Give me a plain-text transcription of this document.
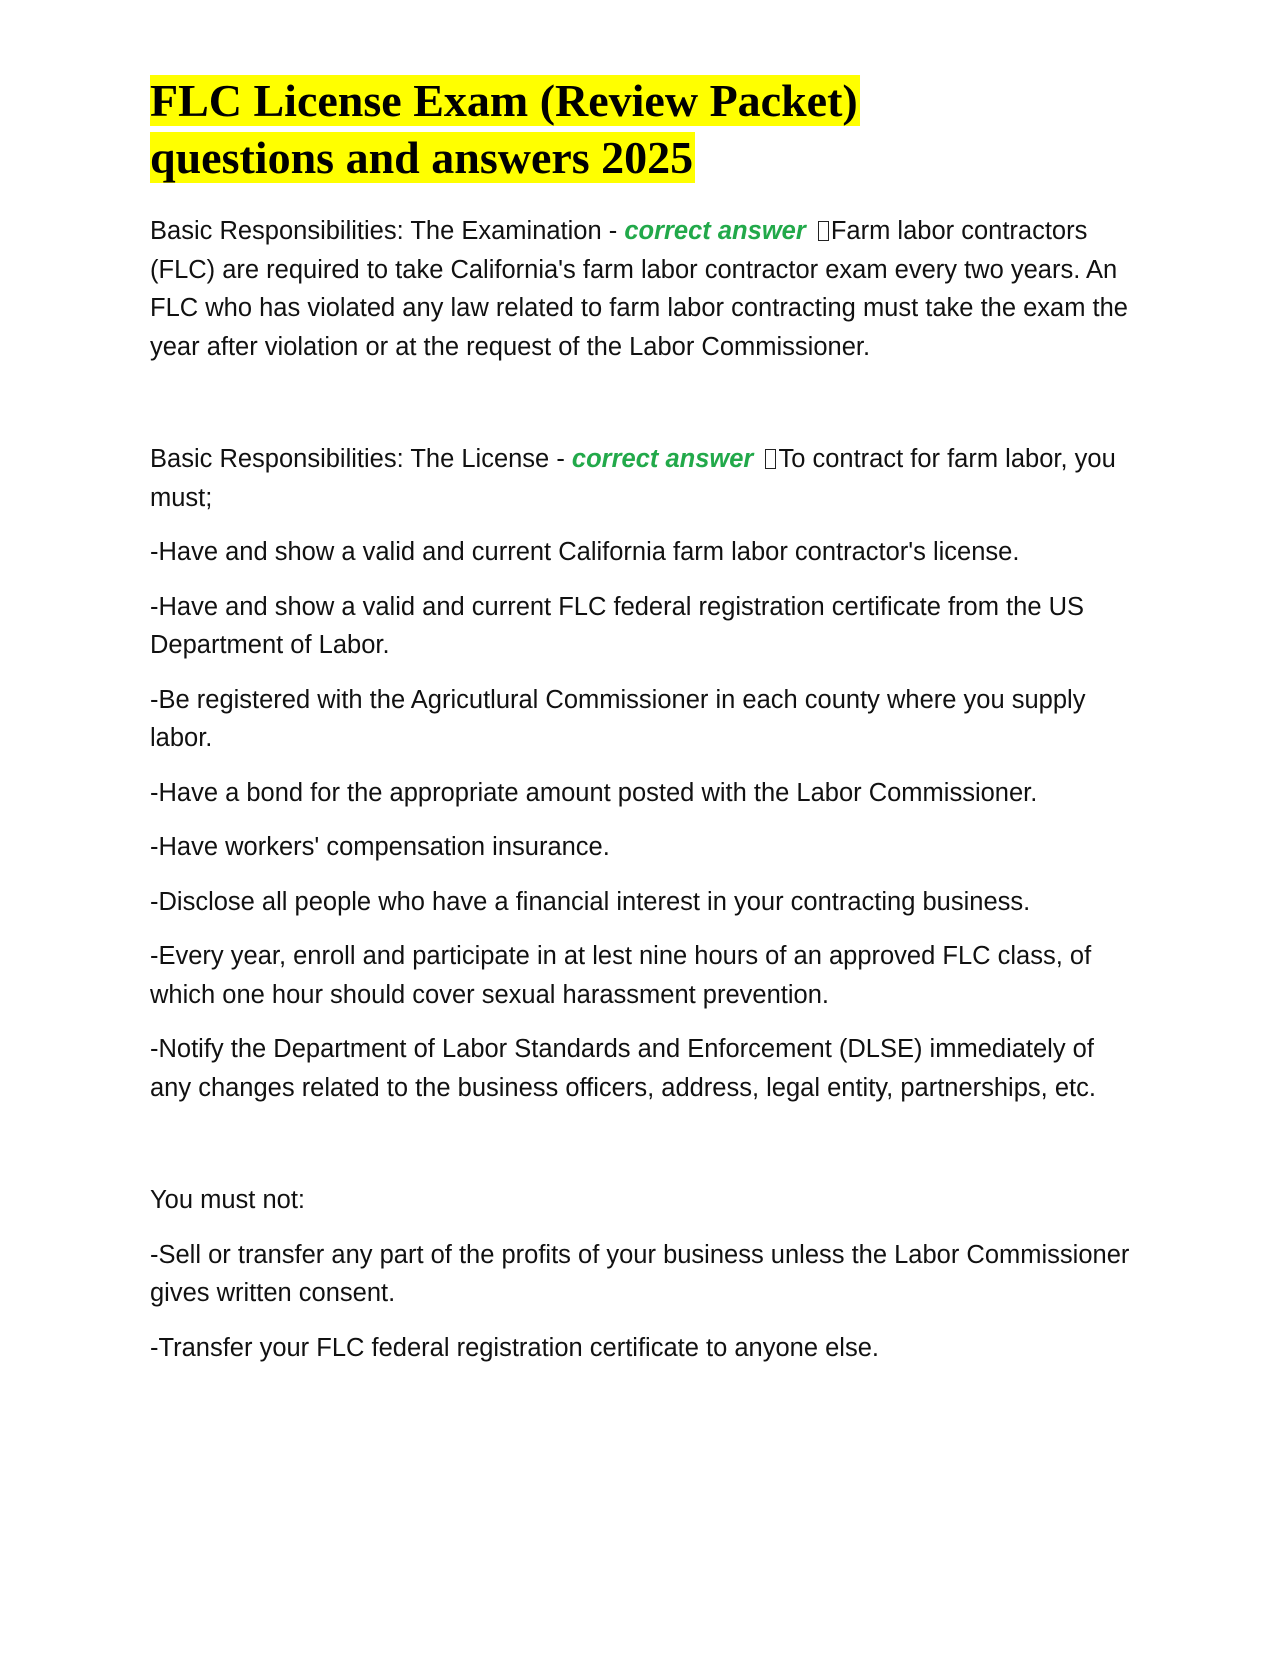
FLC License Exam (Review Packet)
questions and answers 2025

Basic Responsibilities: The Examination - correct answer Farm labor contractors (FLC) are required to take California's farm labor contractor exam every two years. An FLC who has violated any law related to farm labor contracting must take the exam the year after violation or at the request of the Labor Commissioner.

Basic Responsibilities: The License - correct answer To contract for farm labor, you must;

-Have and show a valid and current California farm labor contractor's license.

-Have and show a valid and current FLC federal registration certificate from the US Department of Labor.

-Be registered with the Agricutlural Commissioner in each county where you supply labor.

-Have a bond for the appropriate amount posted with the Labor Commissioner.

-Have workers' compensation insurance.

-Disclose all people who have a financial interest in your contracting business.

-Every year, enroll and participate in at lest nine hours of an approved FLC class, of which one hour should cover sexual harassment prevention.

-Notify the Department of Labor Standards and Enforcement (DLSE) immediately of any changes related to the business officers, address, legal entity, partnerships, etc.

You must not:

-Sell or transfer any part of the profits of your business unless the Labor Commissioner gives written consent.

-Transfer your FLC federal registration certificate to anyone else.
